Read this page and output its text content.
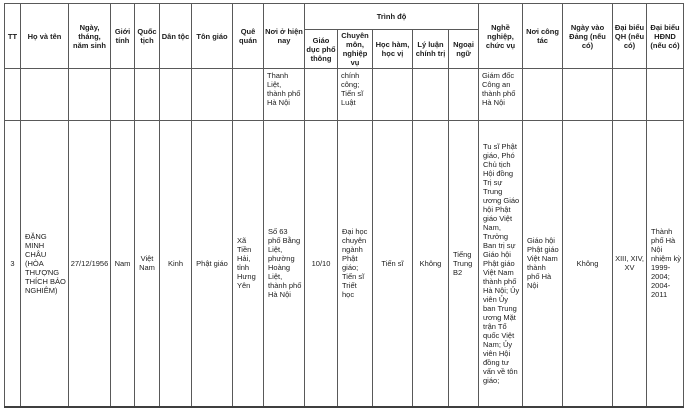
TT	Họ và tên	Ngày, tháng, năm sinh	Giới tính	Quốc tịch	Dân tộc	Tôn giáo	Quê quán	Nơi ở hiện nay	Trình độ					Nghề nghiệp, chức vụ	Nơi công tác	Ngày vào Đảng (nếu có)	Đại biểu QH (nếu có)	Đại biểu HĐND (nếu có)
									Giáo dục phổ thông	Chuyên môn, nghiệp vụ	Học hàm, học vị	Lý luận chính trị	Ngoại ngữ					
								Thanh Liệt, thành phố Hà Nội		chính công; Tiến sĩ Luật				Giám đốc Công an thành phố Hà Nội				
3	ĐẶNG MINH CHÂU (HÒA THƯỢNG THÍCH BẢO NGHIÊM)	27/12/1956	Nam	Việt Nam	Kinh	Phật giáo	Xã Tiền Hải, tỉnh Hưng Yên	Số 63 phố Bằng Liệt, phường Hoàng Liệt, thành phố Hà Nội	10/10	Đại học chuyên ngành Phật giáo; Tiến sĩ Triết học	Tiến sĩ	Không	Tiếng Trung B2	Tu sĩ Phật giáo, Phó Chủ tịch Hội đồng Trị sự Trung ương Giáo hội Phật giáo Việt Nam, Trưởng Ban trị sự Giáo hội Phật giáo Việt Nam thành phố Hà Nội; Ủy viên Ủy ban Trung ương Mặt trận Tổ quốc Việt Nam; Ủy viên Hội đồng tư vấn về tôn giáo;	Giáo hội Phật giáo Việt Nam thành phố Hà Nội	Không	XIII, XIV, XV	Thành phố Hà Nội nhiệm kỳ 1999-2004; 2004-2011
